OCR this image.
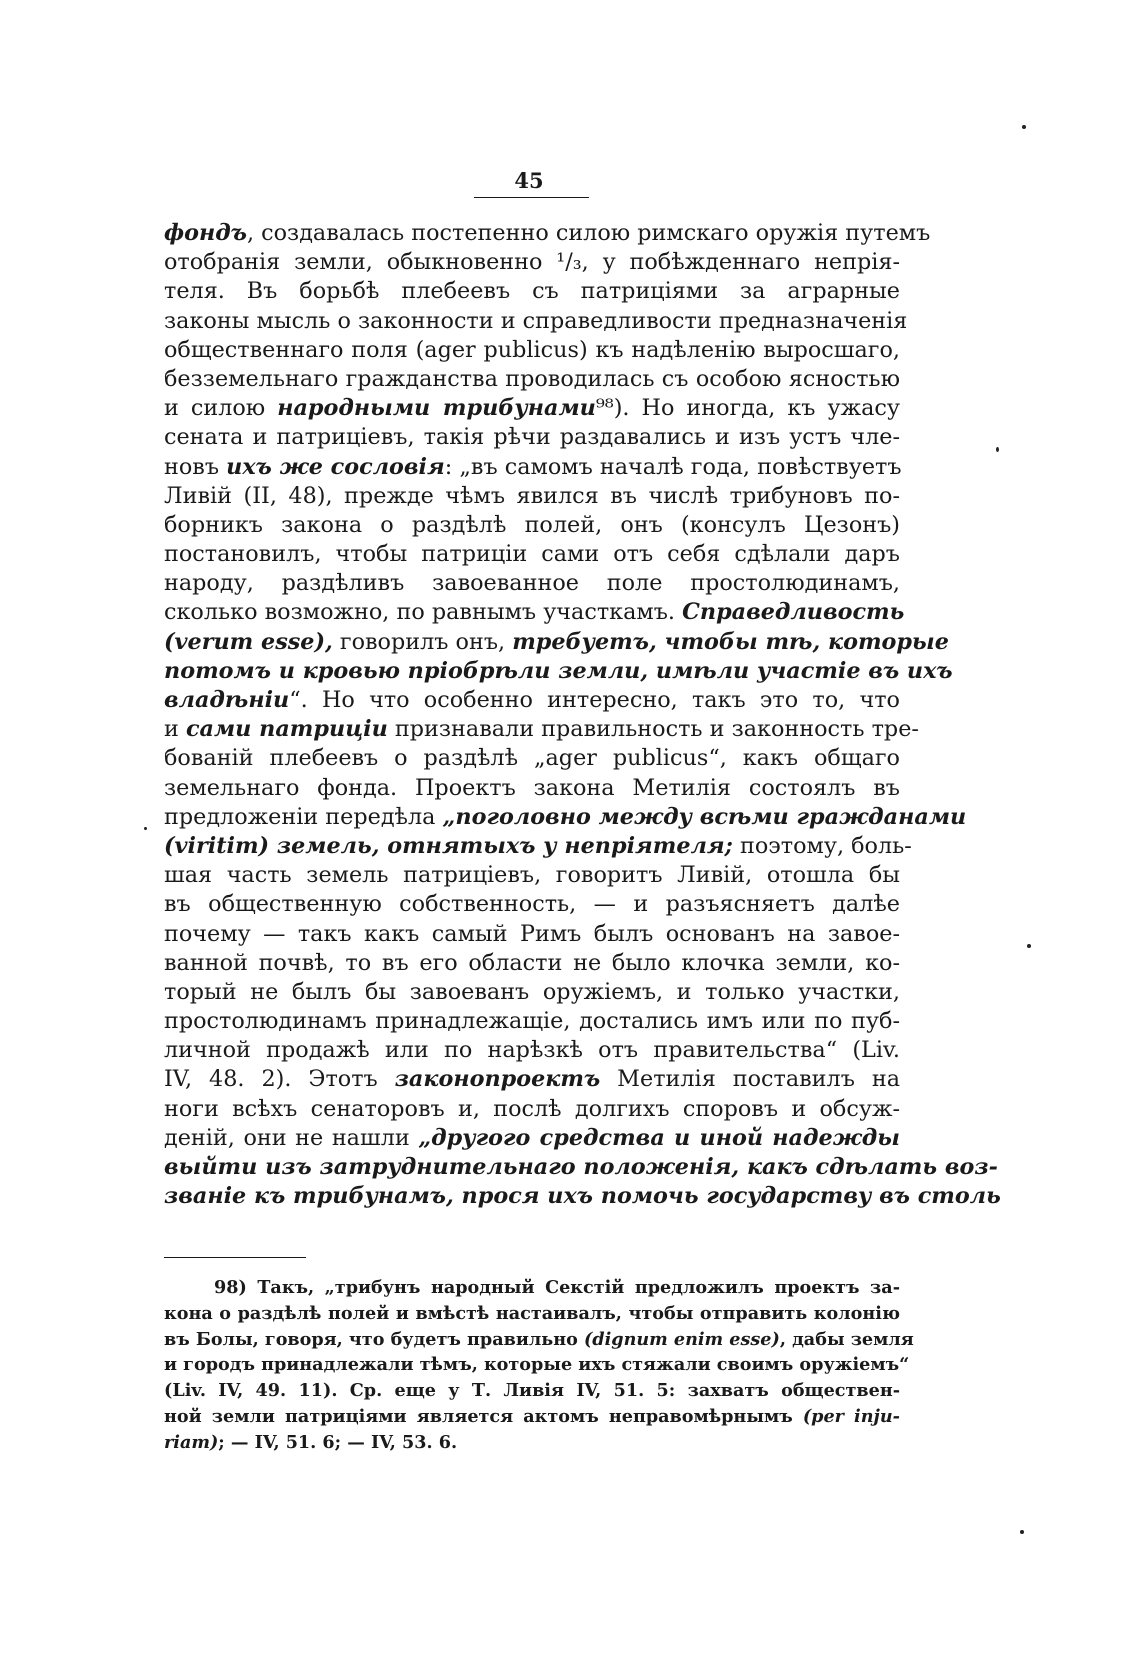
45
фондъ, создавалась постепенно силою римскаго оружія путемъ
отобранія земли, обыкновенно ¹/₃, у побѣжденнаго непрія-
теля. Въ борьбѣ плебеевъ съ патриціями за аграрные
законы мысль о законности и справедливости предназначенія
общественнаго поля (ager publicus) къ надѣленію выросшаго,
безземельнаго гражданства проводилась съ особою ясностью
и силою народными трибунами⁹⁸). Но иногда, къ ужасу
сената и патриціевъ, такія рѣчи раздавались и изъ устъ чле-
новъ ихъ же сословія: „въ самомъ началѣ года, повѣствуетъ
Ливій (II, 48), прежде чѣмъ явился въ числѣ трибуновъ по-
борникъ закона о раздѣлѣ полей, онъ (консулъ Цезонъ)
постановилъ, чтобы патриціи сами отъ себя сдѣлали даръ
народу, раздѣливъ завоеванное поле простолюдинамъ,
сколько возможно, по равнымъ участкамъ. Справедливость
(verum esse), говорилъ онъ, требуетъ, чтобы тѣ, которые
потомъ и кровью пріобрѣли земли, имѣли участіе въ ихъ
владѣніи“. Но что особенно интересно, такъ это то, что
и сами патриціи признавали правильность и законность тре-
бованій плебеевъ о раздѣлѣ „ager publicus“, какъ общаго
земельнаго фонда. Проектъ закона Метилія состоялъ въ
предложеніи передѣла „поголовно между всѣми гражданами
(viritim) земель, отнятыхъ у непріятеля; поэтому, боль-
шая часть земель патриціевъ, говоритъ Ливій, отошла бы
въ общественную собственность, — и разъясняетъ далѣе
почему — такъ какъ самый Римъ былъ основанъ на завое-
ванной почвѣ, то въ его области не было клочка земли, ко-
торый не былъ бы завоеванъ оружіемъ, и только участки,
простолюдинамъ принадлежащіе, достались имъ или по пуб-
личной продажѣ или по нарѣзкѣ отъ правительства“ (Liv.
IV, 48. 2). Этотъ законопроектъ Метилія поставилъ на
ноги всѣхъ сенаторовъ и, послѣ долгихъ споровъ и обсуж-
деній, они не нашли „другого средства и иной надежды
выйти изъ затруднительнаго положенія, какъ сдѣлать воз-
званіе къ трибунамъ, прося ихъ помочь государству въ столь
98) Такъ, „трибунъ народный Секстій предложилъ проектъ за-
кона о раздѣлѣ полей и вмѣстѣ настаивалъ, чтобы отправить колонію
въ Болы, говоря, что будетъ правильно (dignum enim esse), дабы земля
и городъ принадлежали тѣмъ, которые ихъ стяжали своимъ оружіемъ“
(Liv. IV, 49. 11). Ср. еще у Т. Ливія IV, 51. 5: захватъ обществен-
ной земли патриціями является актомъ неправомѣрнымъ (per inju-
riam); — IV, 51. 6; — IV, 53. 6.
